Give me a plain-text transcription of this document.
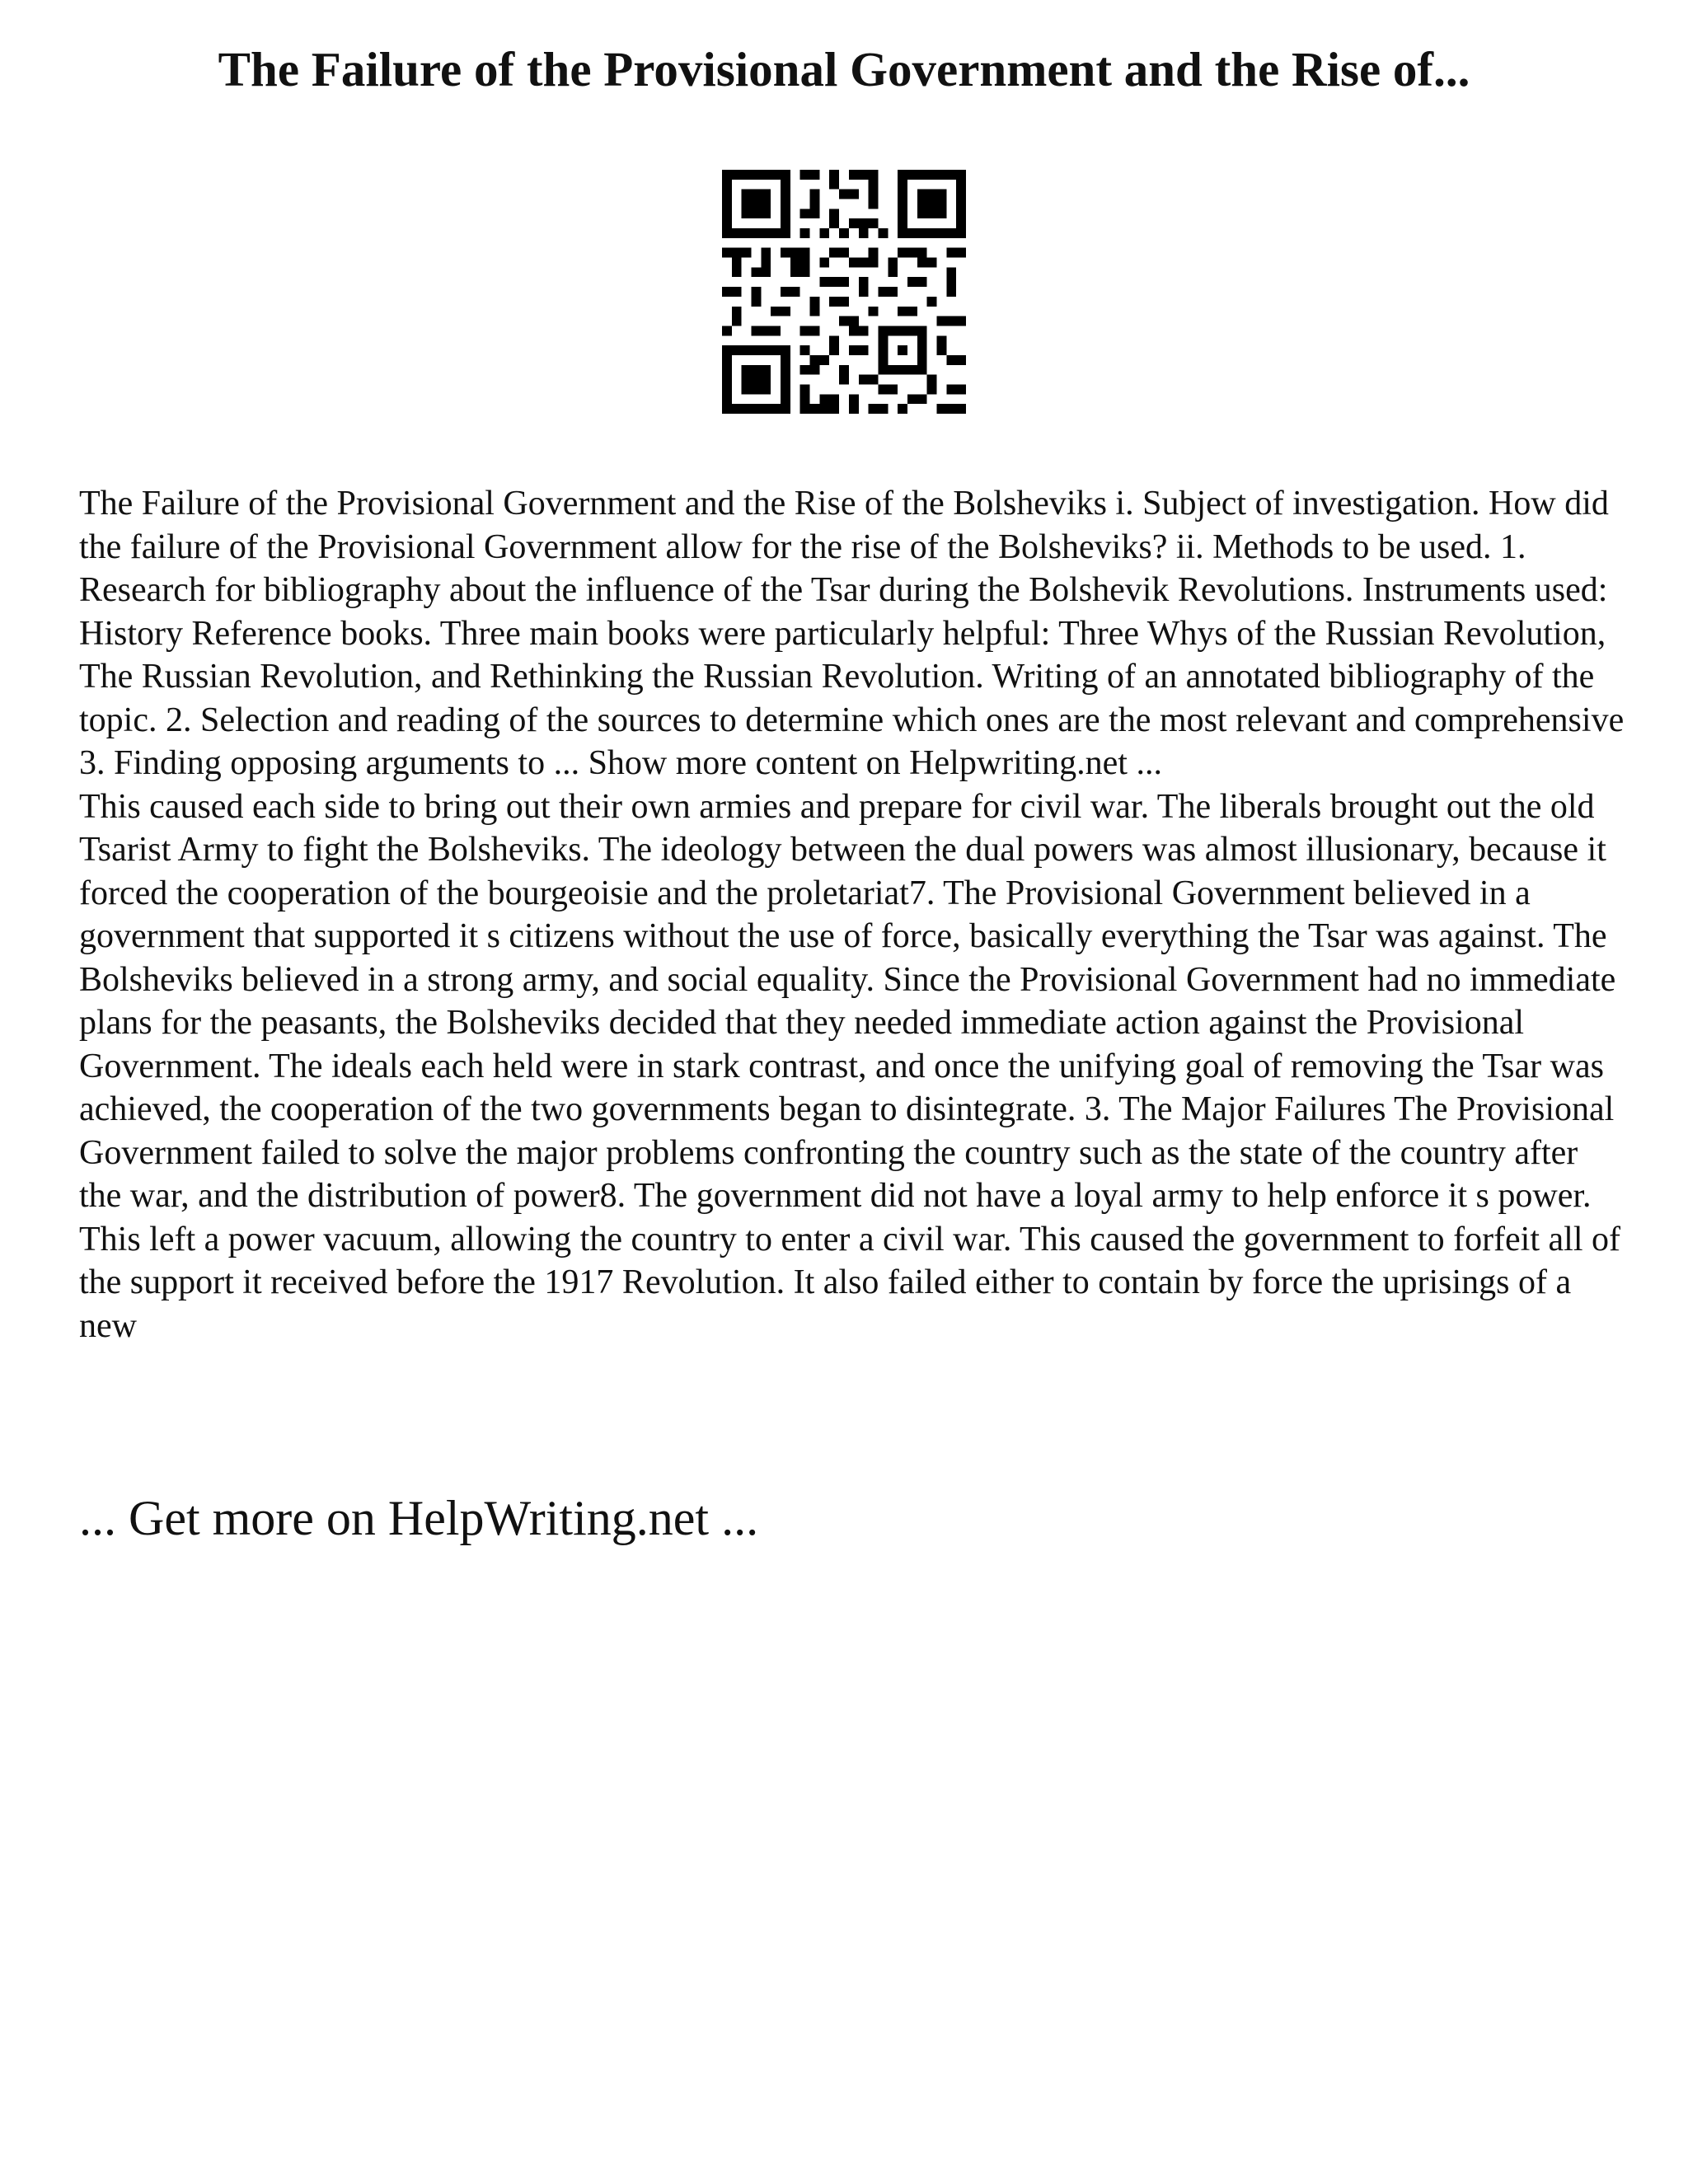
The Failure of the Provisional Government and the Rise of...

The Failure of the Provisional Government and the Rise of the Bolsheviks i. Subject of investigation. How did the failure of the Provisional Government allow for the rise of the Bolsheviks? ii. Methods to be used. 1. Research for bibliography about the influence of the Tsar during the Bolshevik Revolutions. Instruments used: History Reference books. Three main books were particularly helpful: Three Whys of the Russian Revolution, The Russian Revolution, and Rethinking the Russian Revolution. Writing of an annotated bibliography of the topic. 2. Selection and reading of the sources to determine which ones are the most relevant and comprehensive 3. Finding opposing arguments to ... Show more content on Helpwriting.net ...

This caused each side to bring out their own armies and prepare for civil war. The liberals brought out the old Tsarist Army to fight the Bolsheviks. The ideology between the dual powers was almost illusionary, because it forced the cooperation of the bourgeoisie and the proletariat7. The Provisional Government believed in a government that supported it s citizens without the use of force, basically everything the Tsar was against. The Bolsheviks believed in a strong army, and social equality. Since the Provisional Government had no immediate plans for the peasants, the Bolsheviks decided that they needed immediate action against the Provisional Government. The ideals each held were in stark contrast, and once the unifying goal of removing the Tsar was achieved, the cooperation of the two governments began to disintegrate. 3. The Major Failures The Provisional Government failed to solve the major problems confronting the country such as the state of the country after the war, and the distribution of power8. The government did not have a loyal army to help enforce it s power. This left a power vacuum, allowing the country to enter a civil war. This caused the government to forfeit all of the support it received before the 1917 Revolution. It also failed either to contain by force the uprisings of a new

... Get more on HelpWriting.net ...
